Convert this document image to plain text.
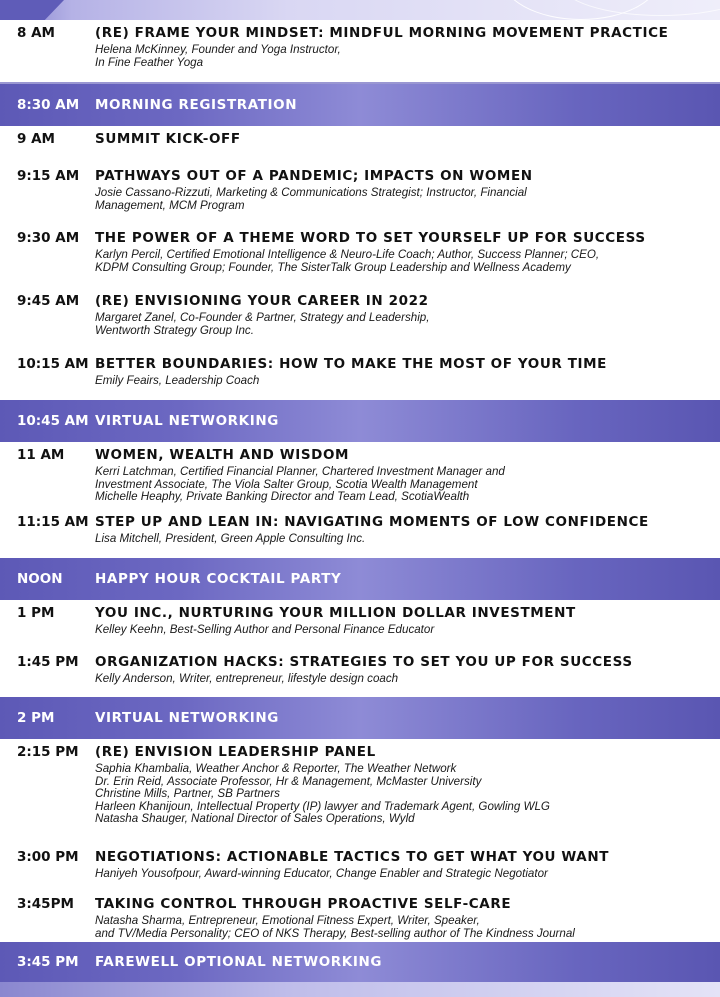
8 AM	(RE) FRAME YOUR MINDSET: MINDFUL MORNING MOVEMENT PRACTICE
Helena McKinney, Founder and Yoga Instructor,
In Fine Feather Yoga
8:30 AM MORNING REGISTRATION
9 AM	SUMMIT KICK-OFF
9:15 AM PATHWAYS OUT OF A PANDEMIC; IMPACTS ON WOMEN
Josie Cassano-Rizzuti, Marketing & Communications Strategist; Instructor, Financial
Management, MCM Program
9:30 AM THE POWER OF A THEME WORD TO SET YOURSELF UP FOR SUCCESS
Karlyn Percil, Certified Emotional Intelligence & Neuro-Life Coach; Author, Success Planner; CEO,
KDPM Consulting Group; Founder, The SisterTalk Group Leadership and Wellness Academy
9:45 AM (RE) ENVISIONING YOUR CAREER IN 2022
Margaret Zanel, Co-Founder & Partner, Strategy and Leadership,
Wentworth Strategy Group Inc.
10:15 AM BETTER BOUNDARIES: HOW TO MAKE THE MOST OF YOUR TIME
Emily Feairs, Leadership Coach
10:45 AM VIRTUAL NETWORKING
11 AM WOMEN, WEALTH AND WISDOM
Kerri Latchman, Certified Financial Planner, Chartered Investment Manager and
Investment Associate, The Viola Salter Group, Scotia Wealth Management
Michelle Heaphy, Private Banking Director and Team Lead, ScotiaWealth
11:15 AM STEP UP AND LEAN IN: NAVIGATING MOMENTS OF LOW CONFIDENCE
Lisa Mitchell, President, Green Apple Consulting Inc.
NOON HAPPY HOUR COCKTAIL PARTY
1 PM	YOU INC., NURTURING YOUR MILLION DOLLAR INVESTMENT
Kelley Keehn, Best-Selling Author and Personal Finance Educator
1:45 PM ORGANIZATION HACKS: STRATEGIES TO SET YOU UP FOR SUCCESS
Kelly Anderson, Writer, entrepreneur, lifestyle design coach
2 PM	VIRTUAL NETWORKING
2:15 PM (RE) ENVISION LEADERSHIP PANEL
Saphia Khambalia, Weather Anchor & Reporter, The Weather Network
Dr. Erin Reid, Associate Professor, Hr & Management, McMaster University
Christine Mills, Partner, SB Partners
Harleen Khanijoun, Intellectual Property (IP) lawyer and Trademark Agent, Gowling WLG
Natasha Shauger, National Director of Sales Operations, Wyld
3:00 PM NEGOTIATIONS: ACTIONABLE TACTICS TO GET WHAT YOU WANT
Haniyeh Yousofpour, Award-winning Educator, Change Enabler and Strategic Negotiator
3:45PM TAKING CONTROL THROUGH PROACTIVE SELF-CARE
Natasha Sharma, Entrepreneur, Emotional Fitness Expert, Writer, Speaker,
and TV/Media Personality; CEO of NKS Therapy, Best-selling author of The Kindness Journal
3:45 PM FAREWELL OPTIONAL NETWORKING
